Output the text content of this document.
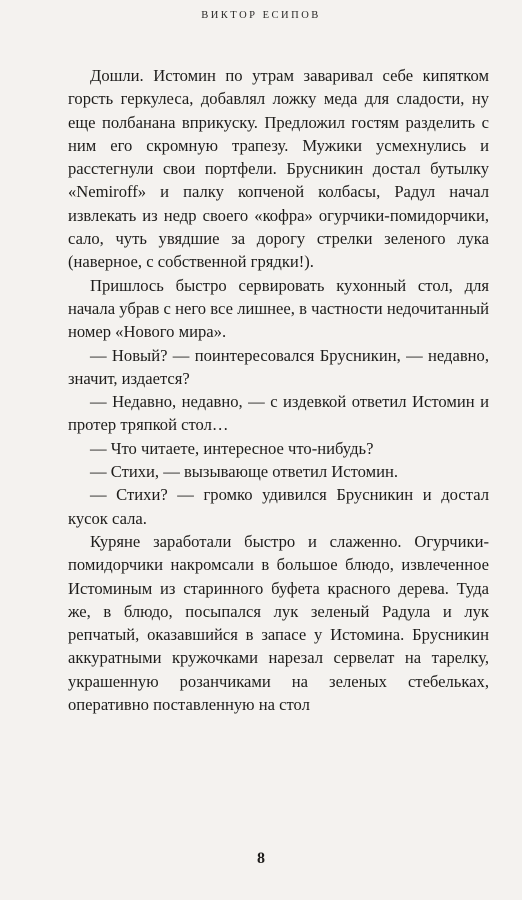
ВИКТОР ЕСИПОВ

Дошли. Истомин по утрам заваривал себе кипятком горсть геркулеса, добавлял ложку меда для сладости, ну еще полбанана вприкуску. Предложил гостям разделить с ним его скромную трапезу. Мужики усмехнулись и расстегнули свои портфели. Брусникин достал бутылку «Nemiroff» и палку копченой колбасы, Радул начал извлекать из недр своего «кофра» огурчики-помидорчики, сало, чуть увядшие за дорогу стрелки зеленого лука (наверное, с собственной грядки!).

Пришлось быстро сервировать кухонный стол, для начала убрав с него все лишнее, в частности недочитанный номер «Нового мира».

— Новый? — поинтересовался Брусникин, — недавно, значит, издается?

— Недавно, недавно, — с издевкой ответил Истомин и протер тряпкой стол…

— Что читаете, интересное что-нибудь?

— Стихи, — вызывающе ответил Истомин.

— Стихи? — громко удивился Брусникин и достал кусок сала.

Куряне заработали быстро и слаженно. Огурчики-помидорчики накромсали в большое блюдо, извлеченное Истоминым из старинного буфета красного дерева. Туда же, в блюдо, посыпался лук зеленый Радула и лук репчатый, оказавшийся в запасе у Истомина. Брусникин аккуратными кружочками нарезал сервелат на тарелку, украшенную розанчиками на зеленых стебельках, оперативно поставленную на стол

8
